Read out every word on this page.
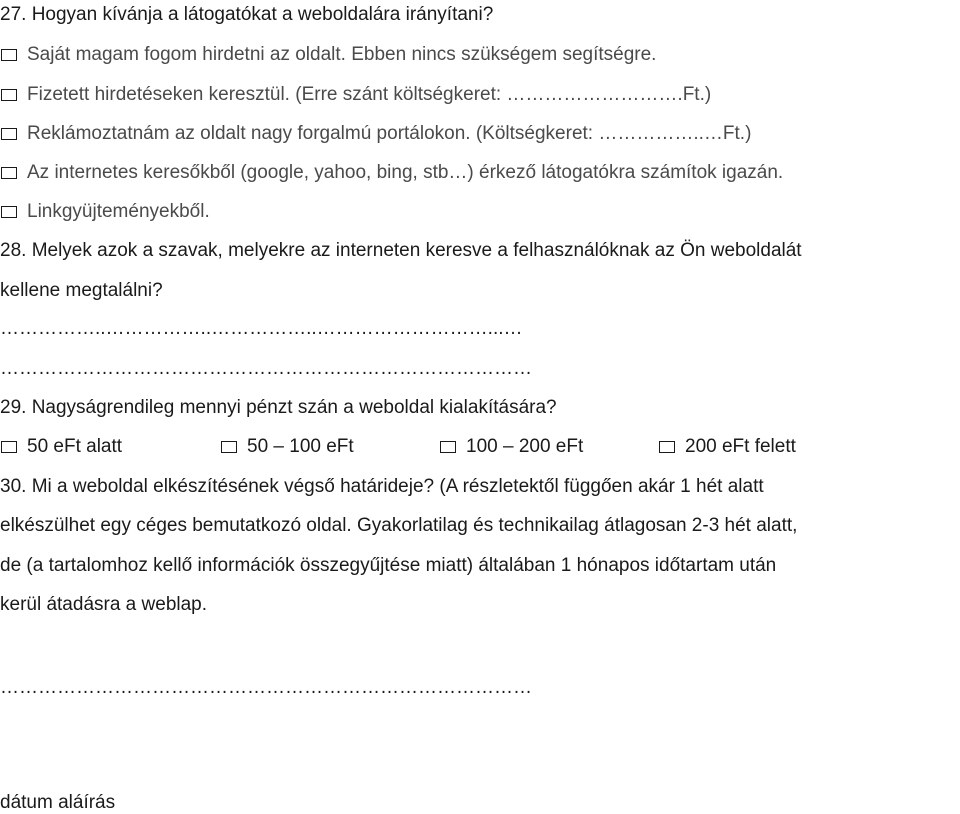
27. Hogyan kívánja a látogatókat a weboldalára irányítani?
Saját magam fogom hirdetni az oldalt. Ebben nincs szükségem segítségre.
Fizetett hirdetéseken keresztül. (Erre szánt költségkeret: ……………………….Ft.)
Reklámoztatnám az oldalt nagy forgalmú portálokon. (Költségkeret: ……………..…Ft.)
Az internetes keresőkből (google, yahoo, bing, stb…) érkező látogatókra számítok igazán.
Linkgyüjteményekből.
28. Melyek azok a szavak, melyekre az interneten keresve a felhasználóknak az Ön weboldalát
kellene megtalálni?
……………..……………..……………..………………………...…
…………………………………………………………………………
29. Nagyságrendileg mennyi pénzt szán a weboldal kialakítására?
50 eFt alatt	50 – 100 eFt	100 – 200 eFt	200 eFt felett
30. Mi a weboldal elkészítésének végső határideje? (A részletektől függően akár 1 hét alatt
elkészülhet egy céges bemutatkozó oldal. Gyakorlatilag és technikailag átlagosan 2-3 hét alatt,
de (a tartalomhoz kellő információk összegyűjtése miatt) általában 1 hónapos időtartam után
kerül átadásra a weblap.
…………………………………………………………………………
dátum aláírás
